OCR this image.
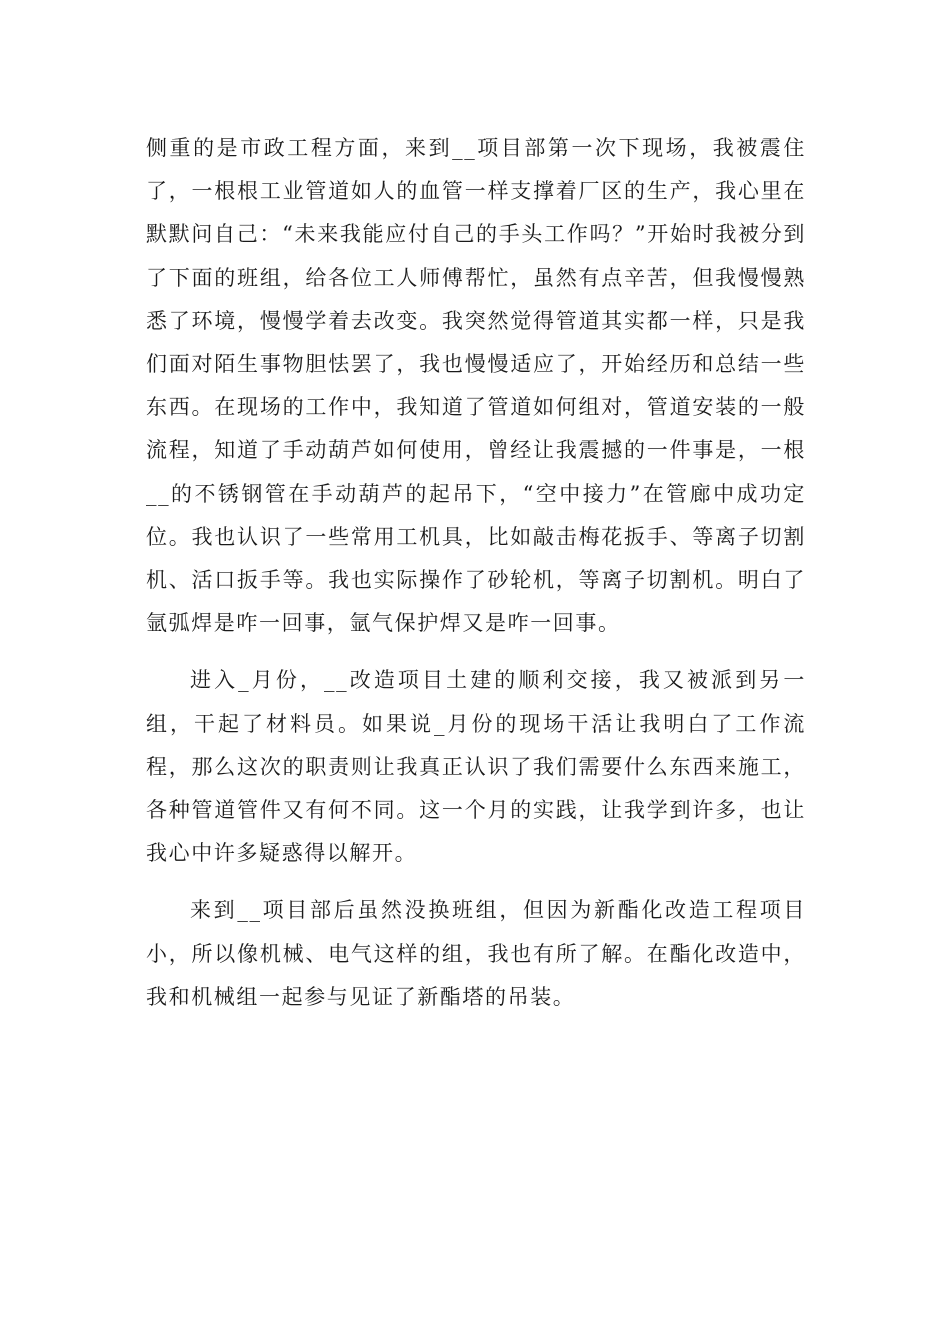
侧重的是市政工程方面，来到__项目部第一次下现场，我被震住了，一根根工业管道如人的血管一样支撑着厂区的生产，我心里在默默问自己：“未来我能应付自己的手头工作吗？”开始时我被分到了下面的班组，给各位工人师傅帮忙，虽然有点辛苦，但我慢慢熟悉了环境，慢慢学着去改变。我突然觉得管道其实都一样，只是我们面对陌生事物胆怯罢了，我也慢慢适应了，开始经历和总结一些东西。在现场的工作中，我知道了管道如何组对，管道安装的一般流程，知道了手动葫芦如何使用，曾经让我震撼的一件事是，一根__的不锈钢管在手动葫芦的起吊下，“空中接力”在管廊中成功定位。我也认识了一些常用工机具，比如敲击梅花扳手、等离子切割机、活口扳手等。我也实际操作了砂轮机，等离子切割机。明白了氩弧焊是咋一回事，氩气保护焊又是咋一回事。

进入_月份，__改造项目土建的顺利交接，我又被派到另一组，干起了材料员。如果说_月份的现场干活让我明白了工作流程，那么这次的职责则让我真正认识了我们需要什么东西来施工，各种管道管件又有何不同。这一个月的实践，让我学到许多，也让我心中许多疑惑得以解开。

来到__项目部后虽然没换班组，但因为新酯化改造工程项目小，所以像机械、电气这样的组，我也有所了解。在酯化改造中，我和机械组一起参与见证了新酯塔的吊装。
